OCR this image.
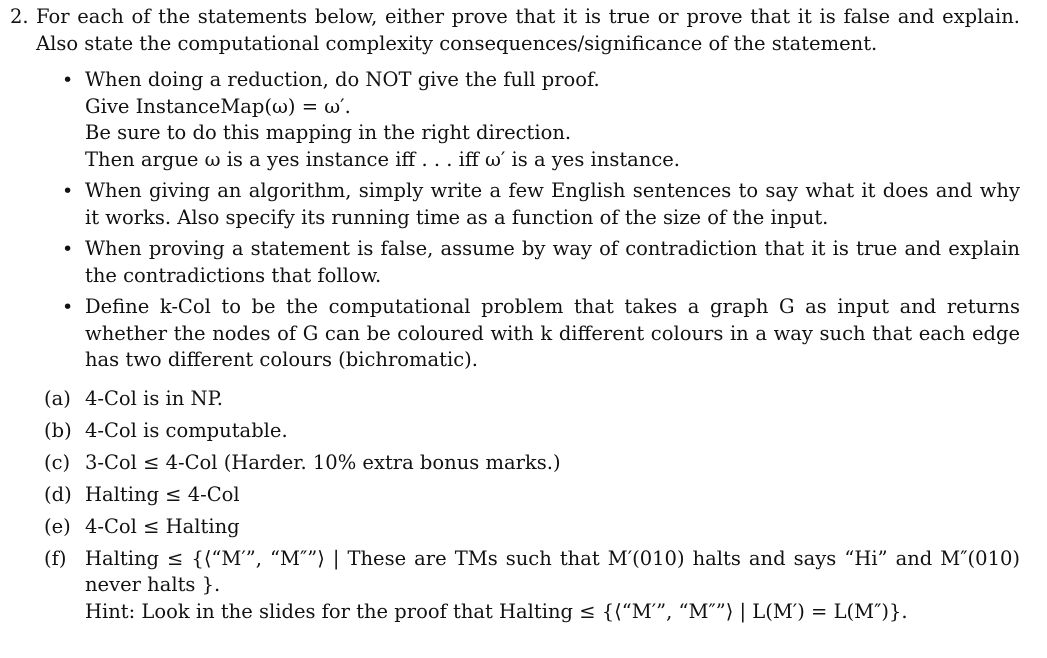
2. For each of the statements below, either prove that it is true or prove that it is false and explain. Also state the computational complexity consequences/significance of the statement.
• When doing a reduction, do NOT give the full proof.
Give InstanceMap(ω) = ω′.
Be sure to do this mapping in the right direction.
Then argue ω is a yes instance iff . . . iff ω′ is a yes instance.
• When giving an algorithm, simply write a few English sentences to say what it does and why it works. Also specify its running time as a function of the size of the input.
• When proving a statement is false, assume by way of contradiction that it is true and explain the contradictions that follow.
• Define k-Col to be the computational problem that takes a graph G as input and returns whether the nodes of G can be coloured with k different colours in a way such that each edge has two different colours (bichromatic).
(a) 4-Col is in NP.
(b) 4-Col is computable.
(c) 3-Col ≤ 4-Col (Harder. 10% extra bonus marks.)
(d) Halting ≤ 4-Col
(e) 4-Col ≤ Halting
(f) Halting ≤ {⟨“M′”, “M″”⟩ | These are TMs such that M′(010) halts and says “Hi” and M″(010) never halts }.
Hint: Look in the slides for the proof that Halting ≤ {⟨“M′”, “M″”⟩ | L(M′) = L(M″)}.
